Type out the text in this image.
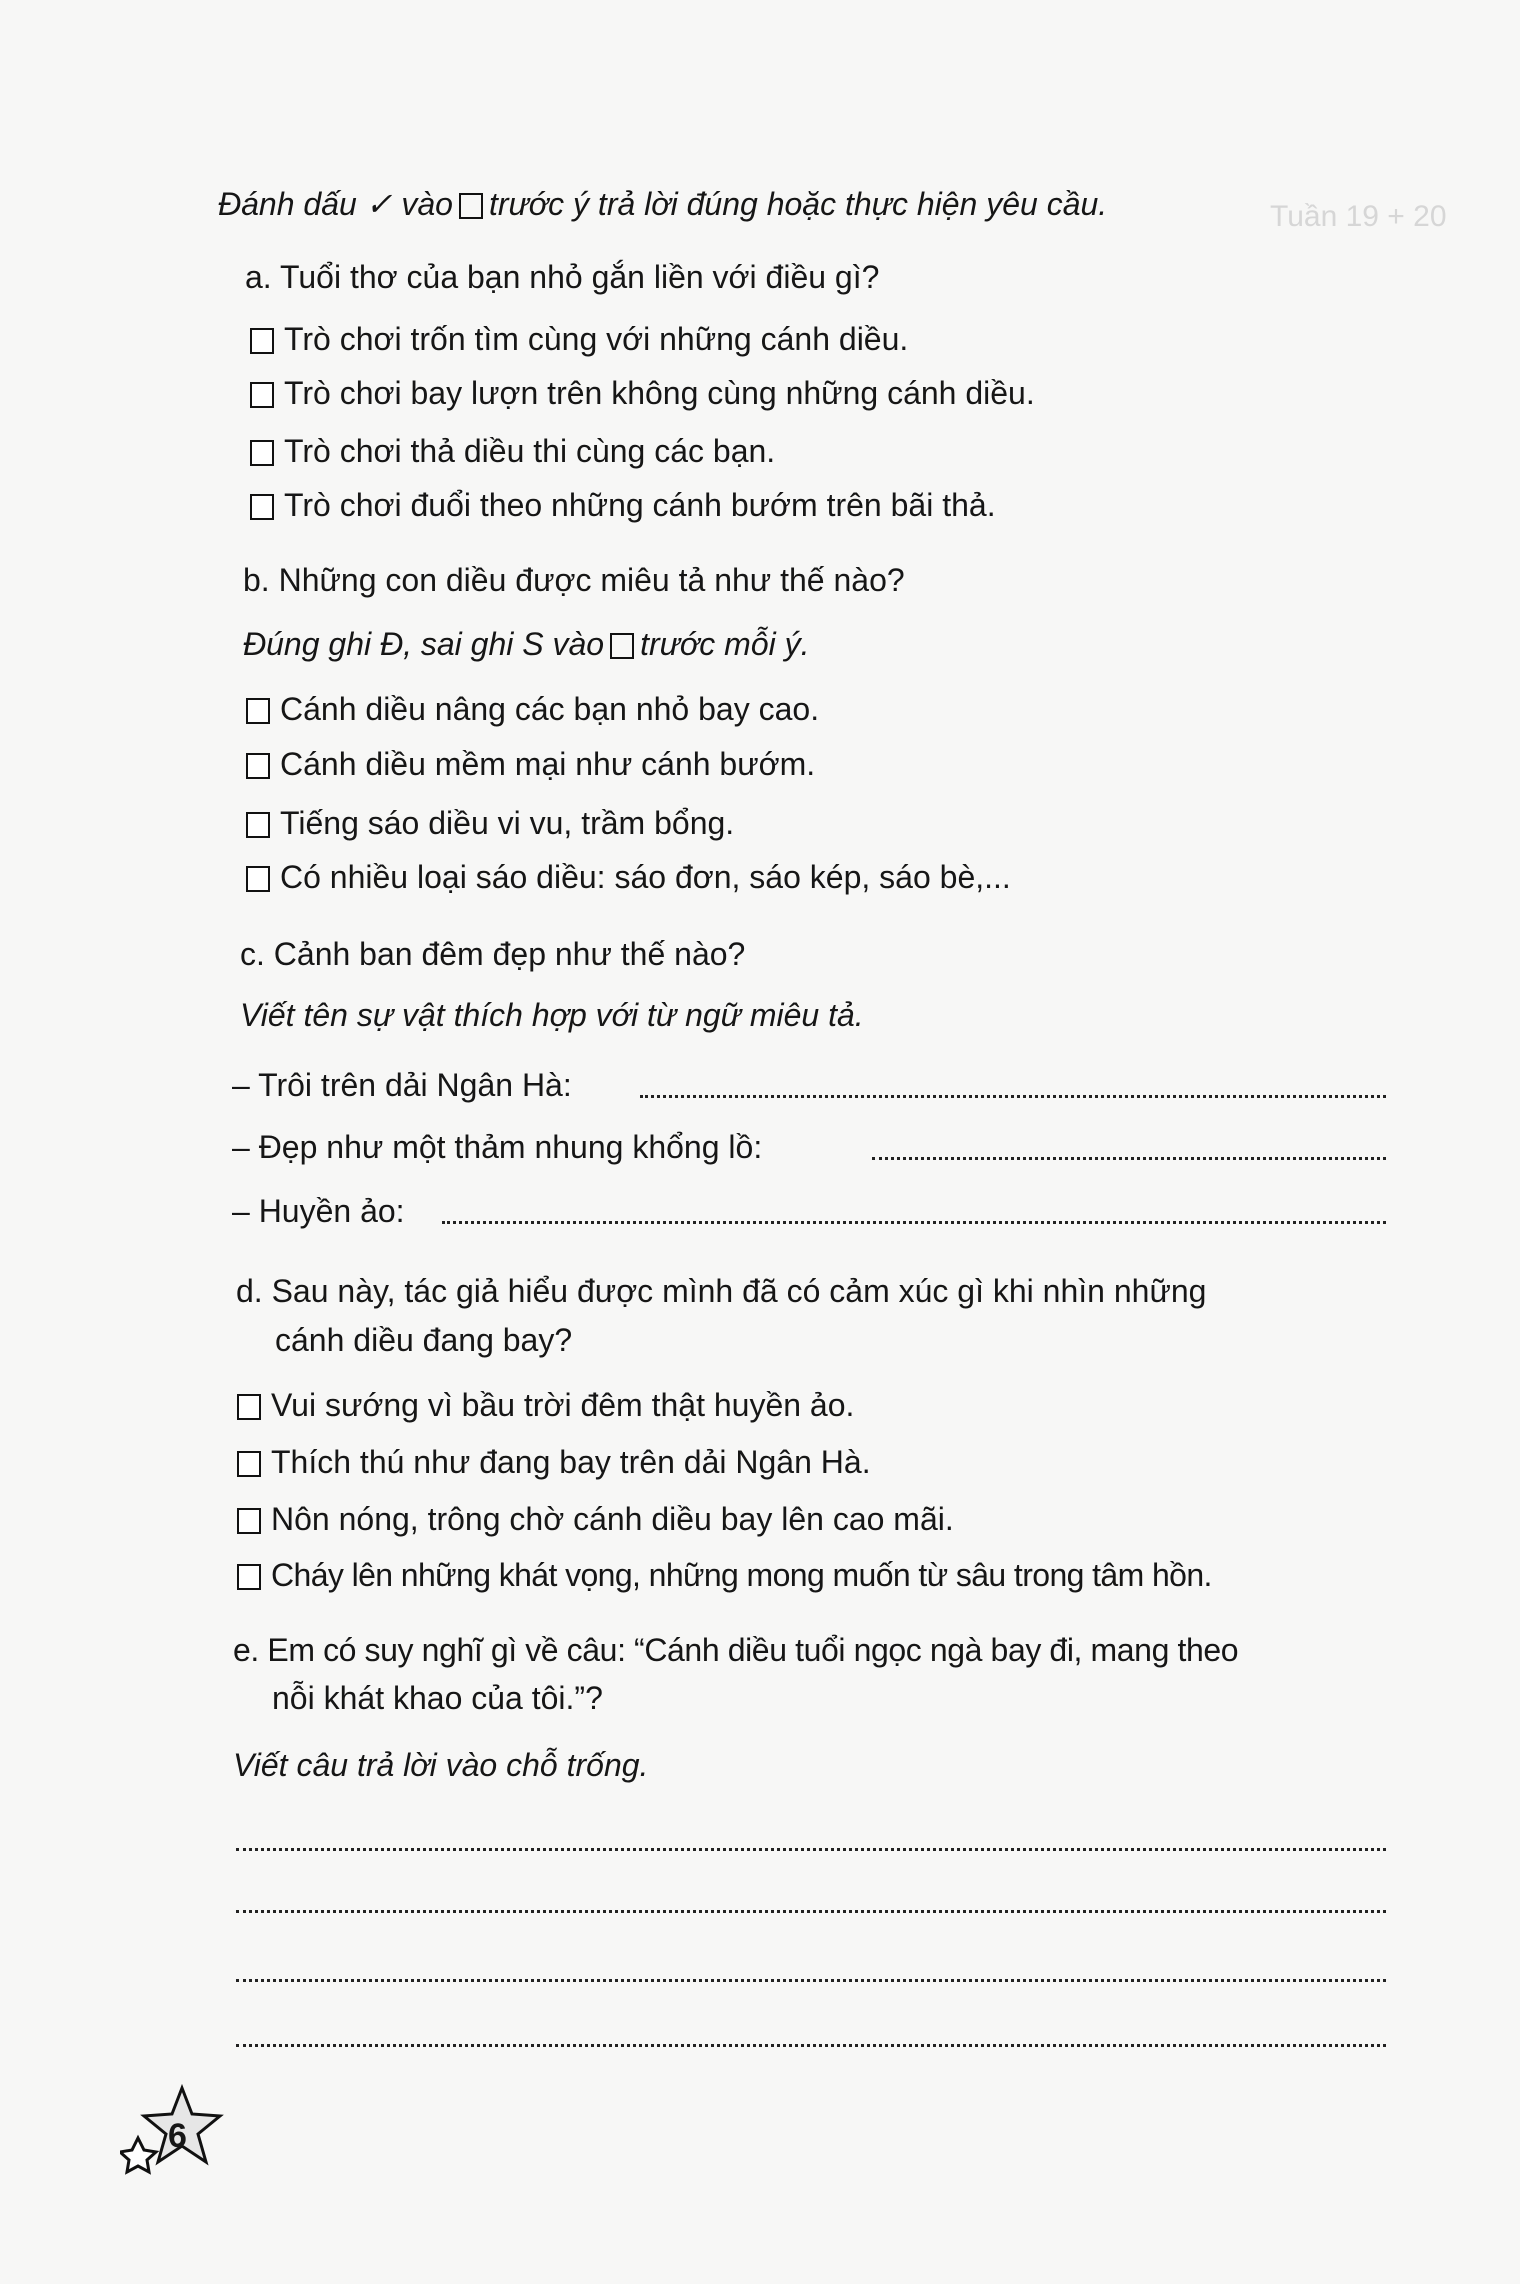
Tuần 19 + 20
Đánh dấu ✓ vào trước ý trả lời đúng hoặc thực hiện yêu cầu.
a. Tuổi thơ của bạn nhỏ gắn liền với điều gì?
Trò chơi trốn tìm cùng với những cánh diều.
Trò chơi bay lượn trên không cùng những cánh diều.
Trò chơi thả diều thi cùng các bạn.
Trò chơi đuổi theo những cánh bướm trên bãi thả.
b. Những con diều được miêu tả như thế nào?
Đúng ghi Đ, sai ghi S vào trước mỗi ý.
Cánh diều nâng các bạn nhỏ bay cao.
Cánh diều mềm mại như cánh bướm.
Tiếng sáo diều vi vu, trầm bổng.
Có nhiều loại sáo diều: sáo đơn, sáo kép, sáo bè,...
c. Cảnh ban đêm đẹp như thế nào?
Viết tên sự vật thích hợp với từ ngữ miêu tả.
– Trôi trên dải Ngân Hà:
– Đẹp như một thảm nhung khổng lồ:
– Huyền ảo:
d. Sau này, tác giả hiểu được mình đã có cảm xúc gì khi nhìn những
cánh diều đang bay?
Vui sướng vì bầu trời đêm thật huyền ảo.
Thích thú như đang bay trên dải Ngân Hà.
Nôn nóng, trông chờ cánh diều bay lên cao mãi.
Cháy lên những khát vọng, những mong muốn từ sâu trong tâm hồn.
e. Em có suy nghĩ gì về câu: “Cánh diều tuổi ngọc ngà bay đi, mang theo
nỗi khát khao của tôi.”?
Viết câu trả lời vào chỗ trống.
6
